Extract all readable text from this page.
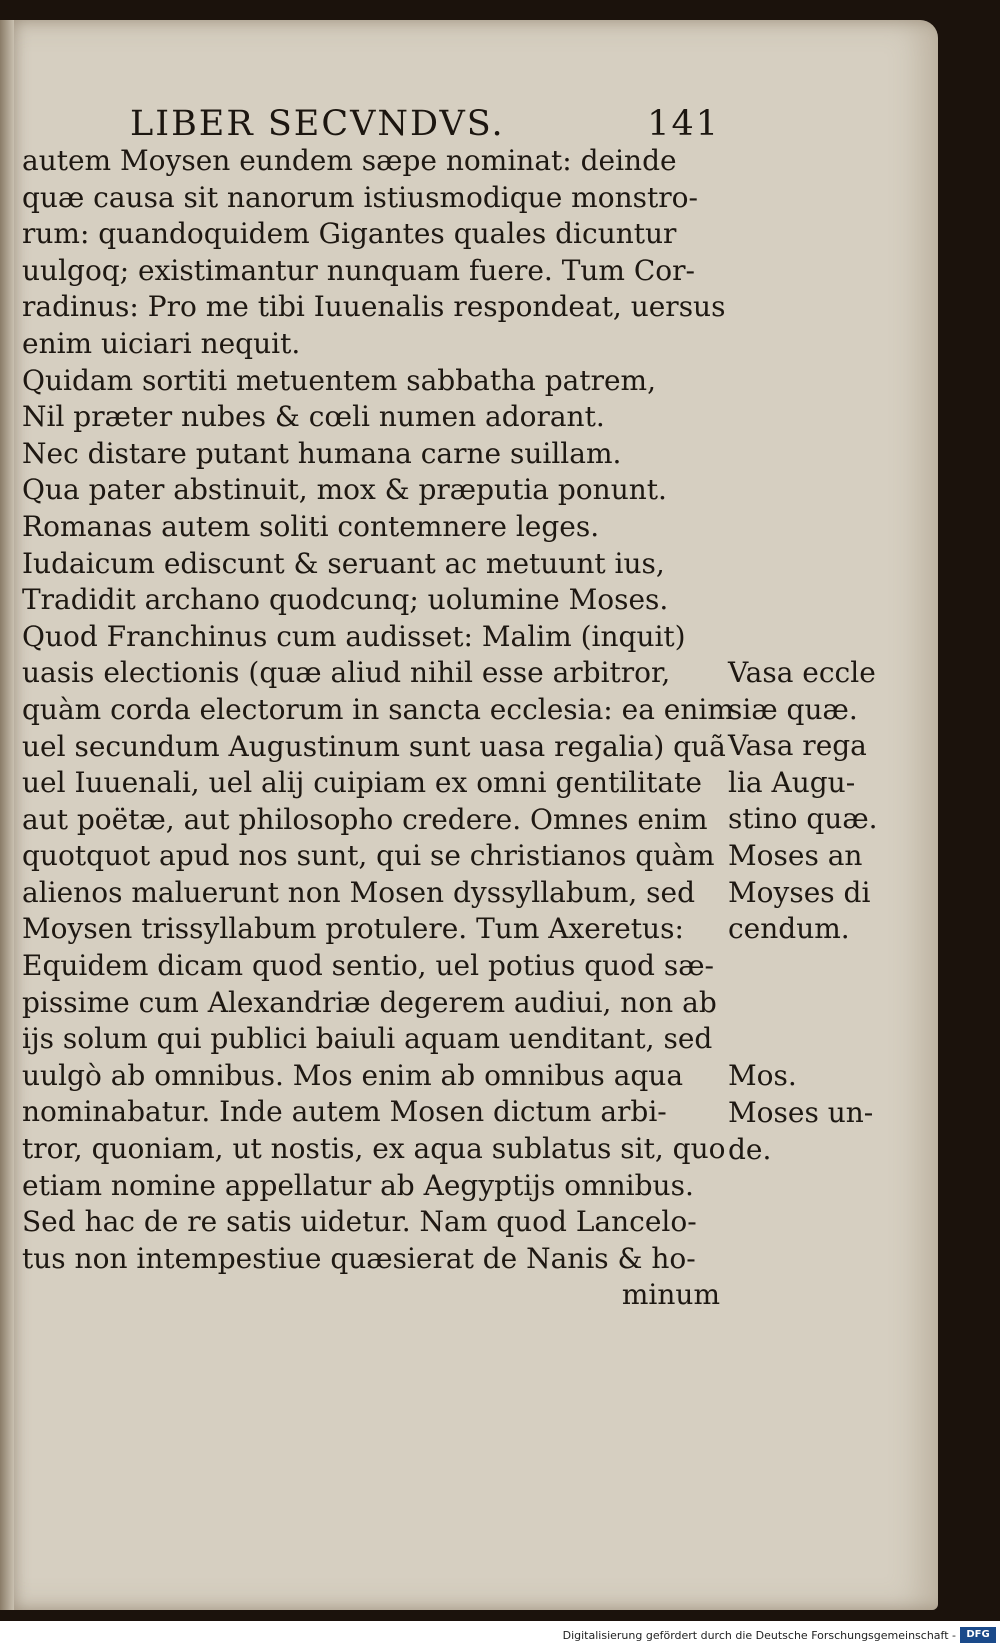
LIBER SECVNDVS.	141
autem Moysen eundem sæpe nominat: deinde
quæ causa sit nanorum istiusmodique monstro-
rum: quandoquidem Gigantes quales dicuntur
uulgoq; existimantur nunquam fuere. Tum Cor-
radinus: Pro me tibi Iuuenalis respondeat, uersus
enim uiciari nequit.
Quidam sortiti metuentem sabbatha patrem,
Nil præter nubes & cœli numen adorant.
Nec distare putant humana carne suillam.
Qua pater abstinuit, mox & præputia ponunt.
Romanas autem soliti contemnere leges.
Iudaicum ediscunt & seruant ac metuunt ius,
Tradidit archano quodcunq; uolumine Moses.
Quod Franchinus cum audisset: Malim (inquit)
uasis electionis (quæ aliud nihil esse arbitror,
quàm corda electorum in sancta ecclesia: ea enim
uel secundum Augustinum sunt uasa regalia) quã
uel Iuuenali, uel alij cuipiam ex omni gentilitate
aut poëtæ, aut philosopho credere. Omnes enim
quotquot apud nos sunt, qui se christianos quàm
alienos maluerunt non Mosen dyssyllabum, sed
Moysen trissyllabum protulere. Tum Axeretus:
Equidem dicam quod sentio, uel potius quod sæ-
pissime cum Alexandriæ degerem audiui, non ab
ijs solum qui publici baiuli aquam uenditant, sed
uulgò ab omnibus. Mos enim ab omnibus aqua
nominabatur. Inde autem Mosen dictum arbi-
tror, quoniam, ut nostis, ex aqua sublatus sit, quo
etiam nomine appellatur ab Aegyptijs omnibus.
Sed hac de re satis uidetur. Nam quod Lancelo-
tus non intempestiue quæsierat de Nanis & ho-
minum
Vasa eccle
siæ quæ.
Vasa rega
lia Augu-
stino quæ.
Moses an
Moyses di
cendum.
Mos.
Moses un-
de.
Digitalisierung gefördert durch die Deutsche Forschungsgemeinschaft -	DFG
